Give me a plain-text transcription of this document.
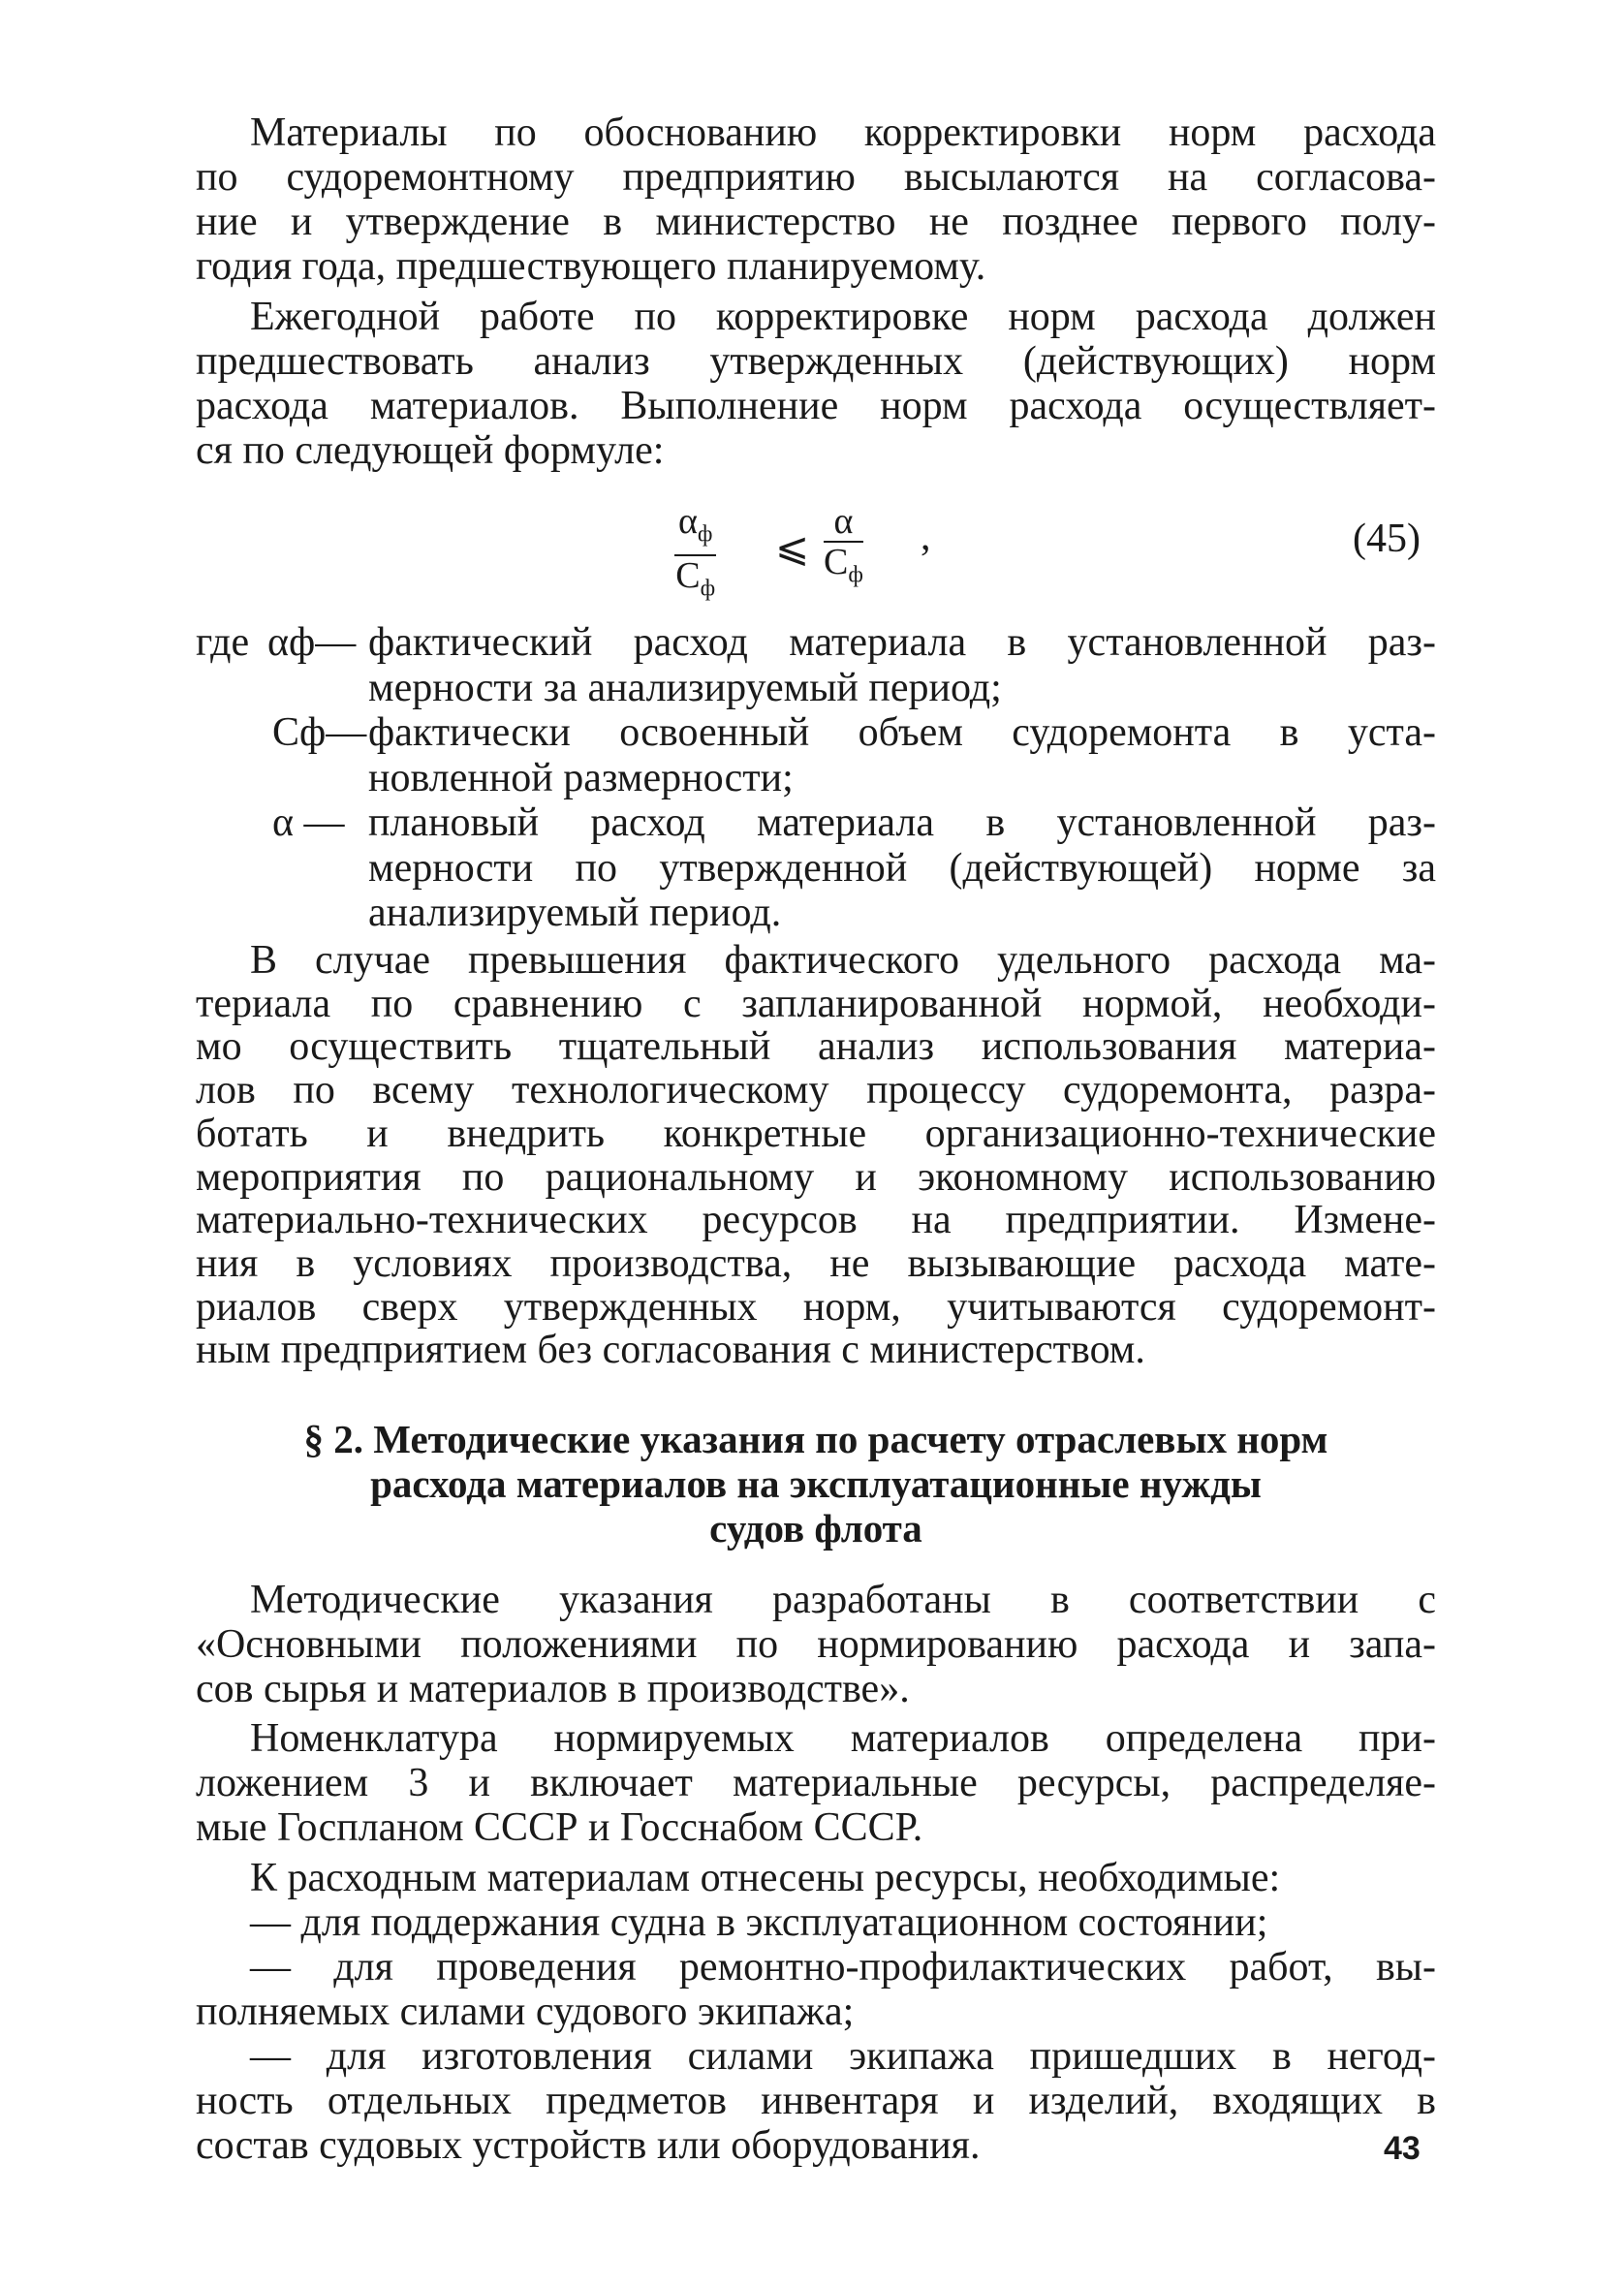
Материалы по обоснованию корректировки норм расхода
по судоремонтному предприятию высылаются на согласова-
ние и утверждение в министерство не позднее первого полу-
годия года, предшествующего планируемому.
Ежегодной работе по корректировке норм расхода должен
предшествовать анализ утвержденных (действующих) норм
расхода материалов. Выполнение норм расхода осуществляет-
ся по следующей формуле:
где αф— фактический расход материала в установленной раз-
мерности за анализируемый период;
Сф— фактически освоенный объем судоремонта в уста-
новленной размерности;
α — плановый расход материала в установленной раз-
мерности по утвержденной (действующей) норме за
анализируемый период.
В случае превышения фактического удельного расхода ма-
териала по сравнению с запланированной нормой, необходи-
мо осуществить тщательный анализ использования материа-
лов по всему технологическому процессу судоремонта, разра-
ботать и внедрить конкретные организационно-технические
мероприятия по рациональному и экономному использованию
материально-технических ресурсов на предприятии. Измене-
ния в условиях производства, не вызывающие расхода мате-
риалов сверх утвержденных норм, учитываются судоремонт-
ным предприятием без согласования с министерством.
§ 2. Методические указания по расчету отраслевых норм
расхода материалов на эксплуатационные нужды
судов флота
Методические указания разработаны в соответствии с
«Основными положениями по нормированию расхода и запа-
сов сырья и материалов в производстве».
Номенклатура нормируемых материалов определена при-
ложением 3 и включает материальные ресурсы, распределяе-
мые Госпланом СССР и Госснабом СССР.
К расходным материалам отнесены ресурсы, необходимые:
— для поддержания судна в эксплуатационном состоянии;
— для проведения ремонтно-профилактических работ, вы-
полняемых силами судового экипажа;
— для изготовления силами экипажа пришедших в негод-
ность отдельных предметов инвентаря и изделий, входящих в
состав судовых устройств или оборудования.
$\alpha_ф$
$С_ф$
⩽
α
$С_ф$
,	(45)
43
